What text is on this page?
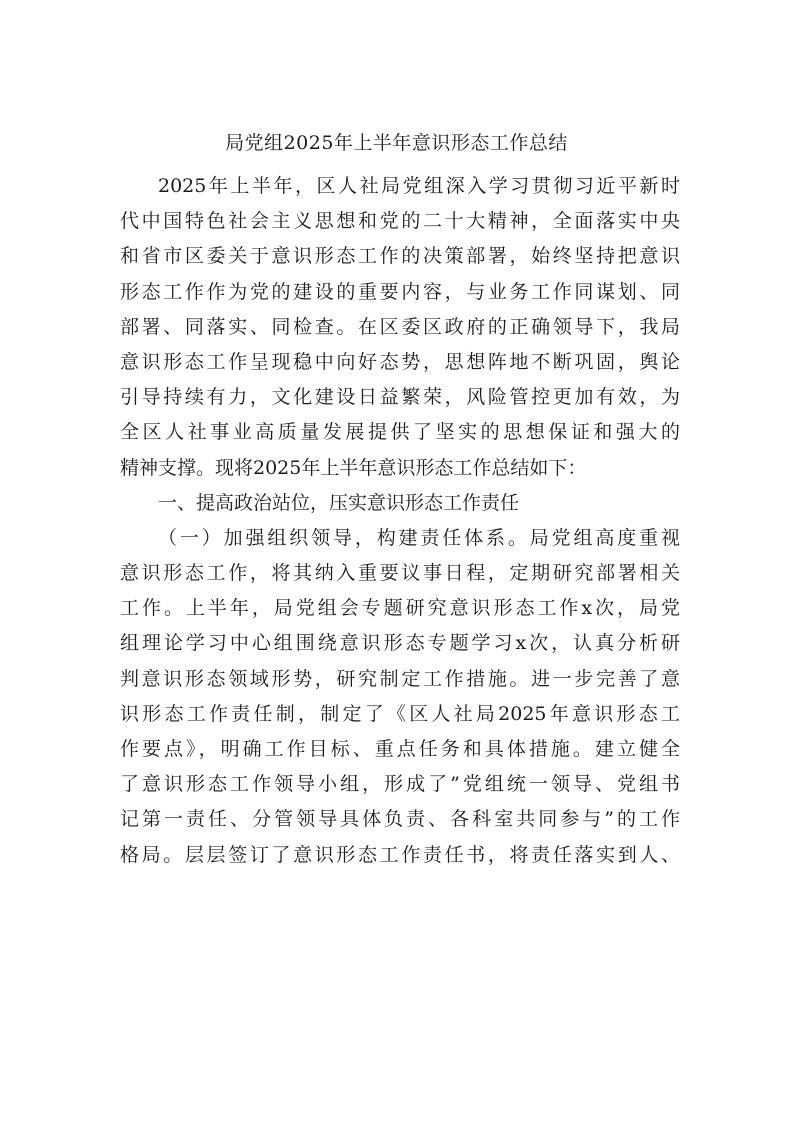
局党组2025年上半年意识形态工作总结
2025年上半年，区人社局党组深入学习贯彻习近平新时
代中国特色社会主义思想和党的二十大精神，全面落实中央
和省市区委关于意识形态工作的决策部署，始终坚持把意识
形态工作作为党的建设的重要内容，与业务工作同谋划、同
部署、同落实、同检查。在区委区政府的正确领导下，我局
意识形态工作呈现稳中向好态势，思想阵地不断巩固，舆论
引导持续有力，文化建设日益繁荣，风险管控更加有效，为
全区人社事业高质量发展提供了坚实的思想保证和强大的
精神支撑。现将2025年上半年意识形态工作总结如下：
一、提高政治站位，压实意识形态工作责任
（一）加强组织领导，构建责任体系。局党组高度重视
意识形态工作，将其纳入重要议事日程，定期研究部署相关
工作。上半年，局党组会专题研究意识形态工作x次，局党
组理论学习中心组围绕意识形态专题学习x次，认真分析研
判意识形态领域形势，研究制定工作措施。进一步完善了意
识形态工作责任制，制定了《区人社局2025年意识形态工
作要点》，明确工作目标、重点任务和具体措施。建立健全
了意识形态工作领导小组，形成了”党组统一领导、党组书
记第一责任、分管领导具体负责、各科室共同参与”的工作
格局。层层签订了意识形态工作责任书，将责任落实到人、
